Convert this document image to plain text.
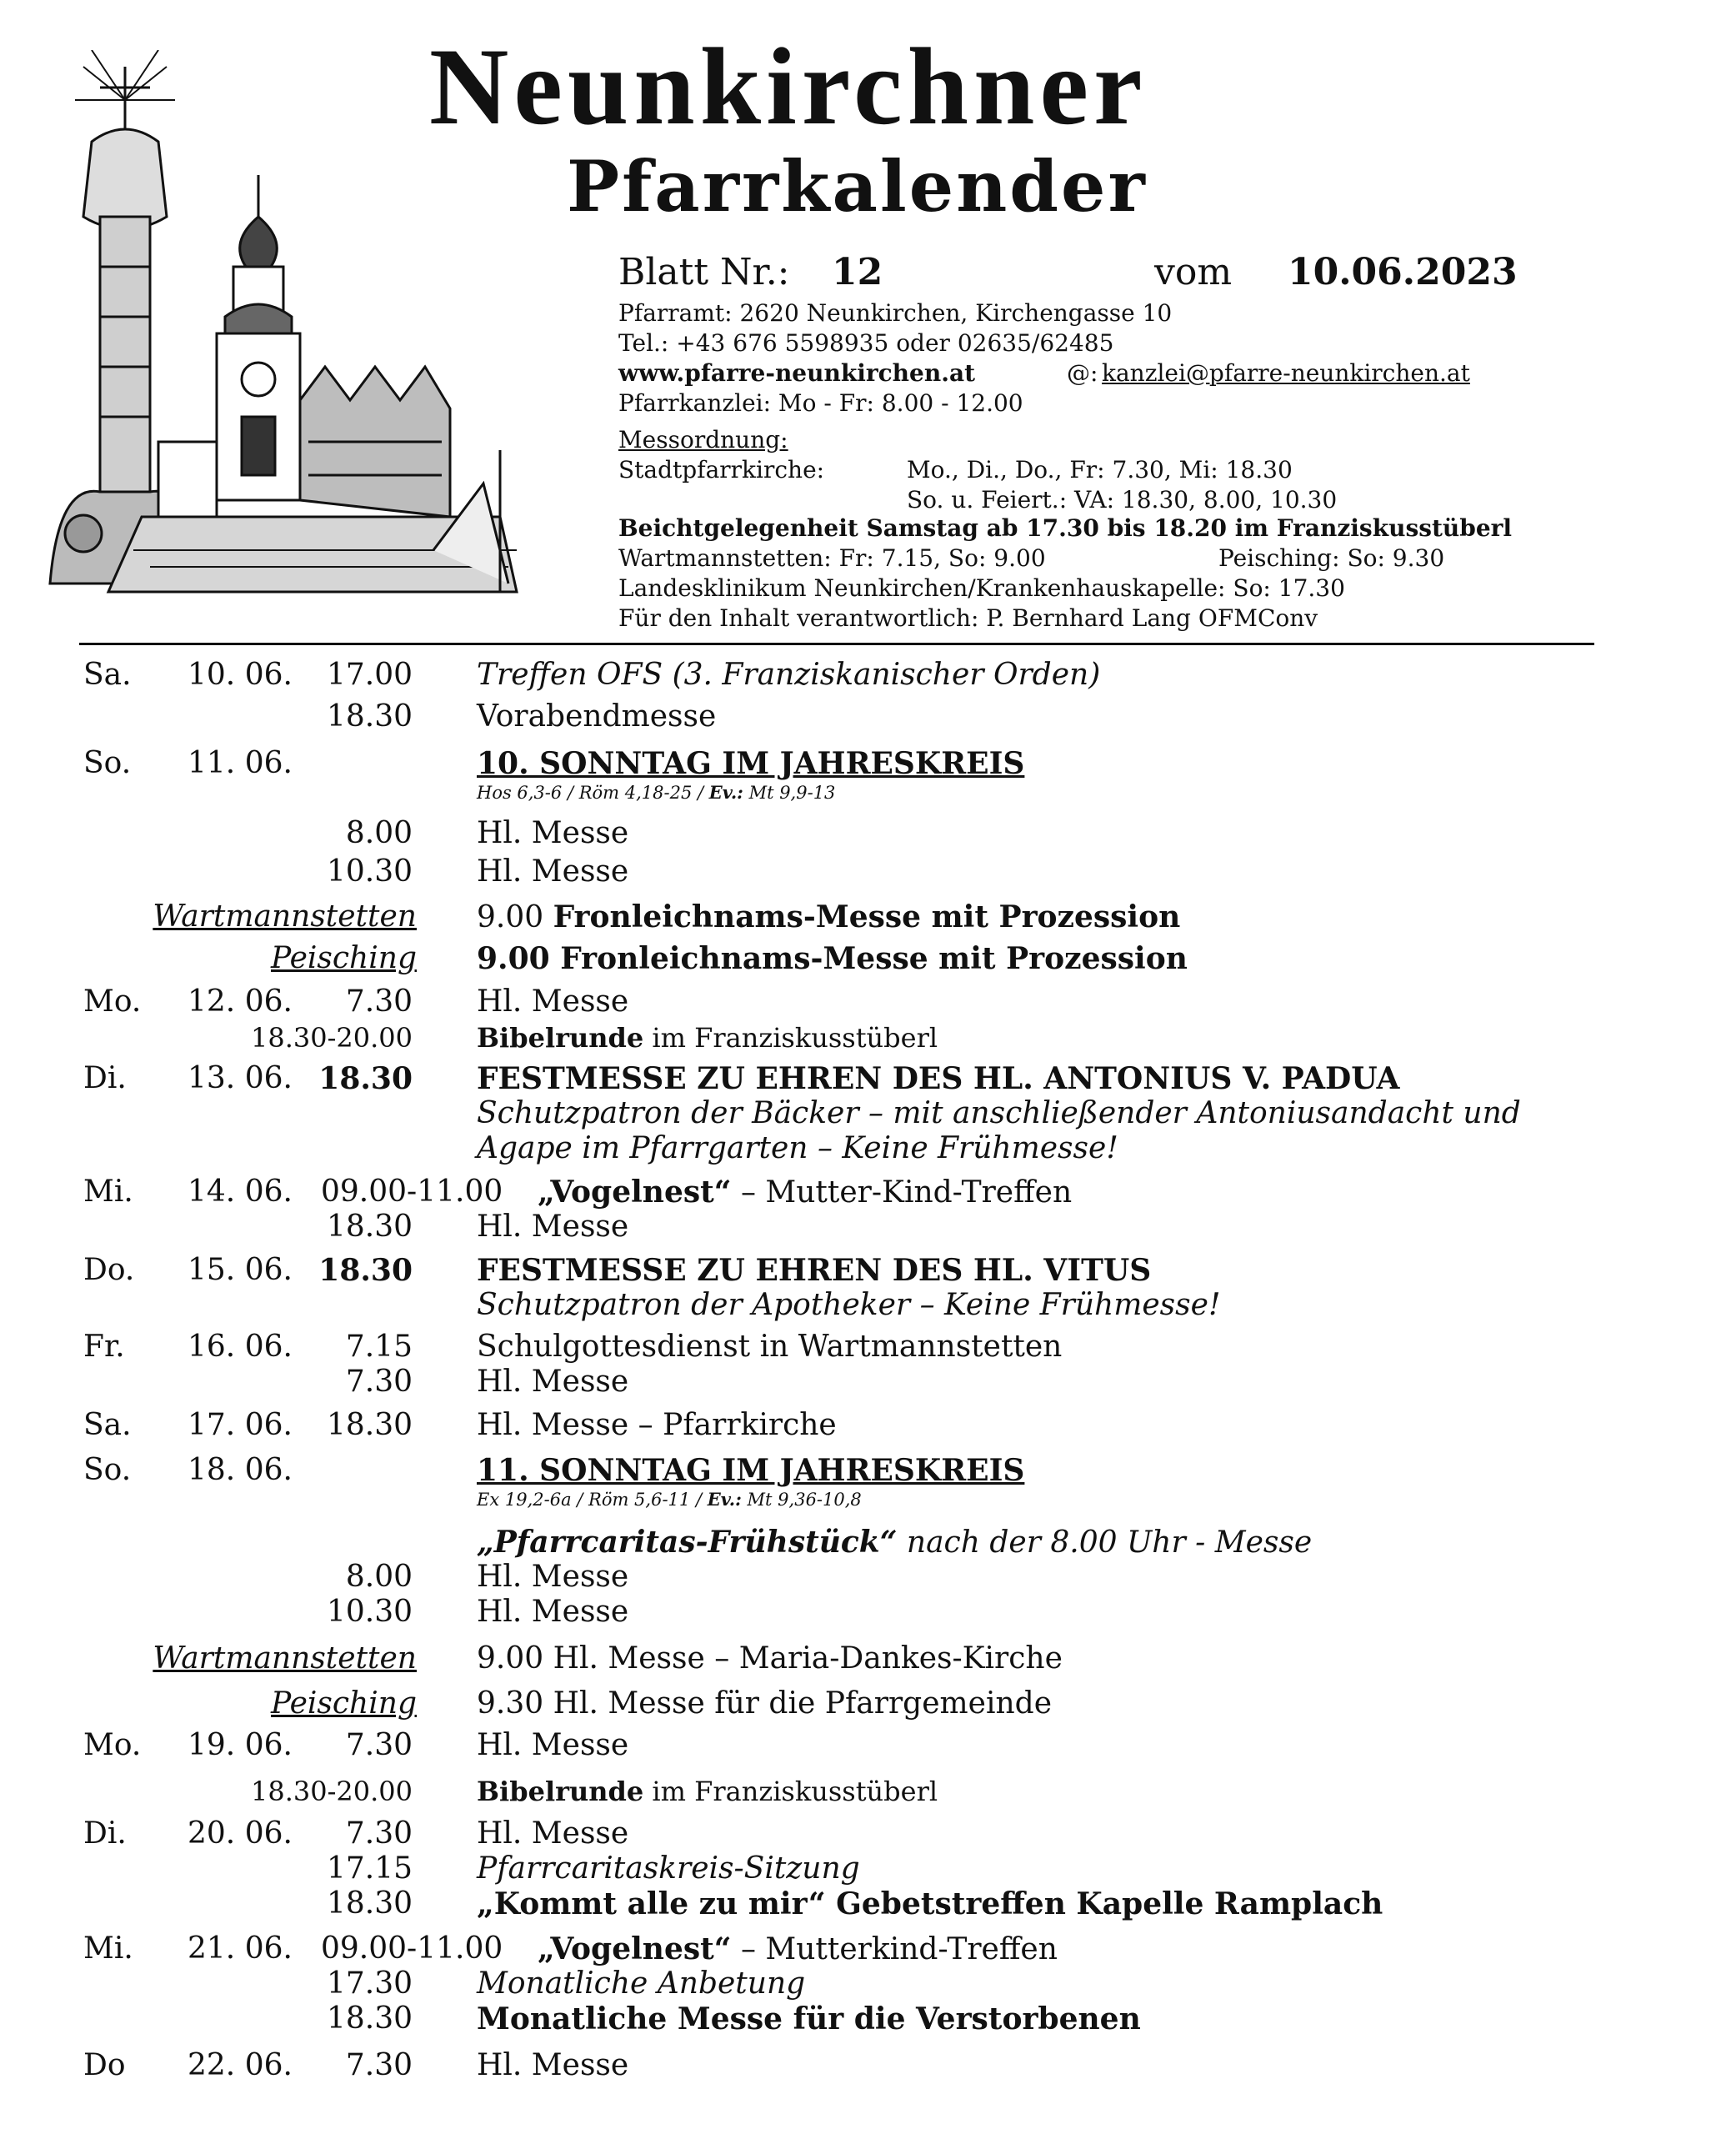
Neunkirchner
Pfarrkalender
Blatt Nr.: 12	vom 10.06.2023
Pfarramt: 2620 Neunkirchen, Kirchengasse 10
Tel.: +43 676 5598935 oder 02635/62485
www.pfarre-neunkirchen.at	@: kanzlei@pfarre-neunkirchen.at
Pfarrkanzlei: Mo - Fr: 8.00 - 12.00
Messordnung:
Stadtpfarrkirche:	Mo., Di., Do., Fr: 7.30, Mi: 18.30
So. u. Feiert.: VA: 18.30, 8.00, 10.30
Beichtgelegenheit Samstag ab 17.30 bis 18.20 im Franziskusstüberl
Wartmannstetten: Fr: 7.15, So: 9.00	Peisching: So: 9.30
Landesklinikum Neunkirchen/Krankenhauskapelle: So: 17.30
Für den Inhalt verantwortlich: P. Bernhard Lang OFMConv
Sa. 10. 06.	17.00 Treffen OFS (3. Franziskanischer Orden)
18.30 Vorabendmesse
So. 11. 06.	10. SONNTAG IM JAHRESKREIS
Hos 6,3-6 / Röm 4,18-25 / Ev.: Mt 9,9-13
8.00 Hl. Messe
10.30 Hl. Messe
Wartmannstetten 9.00 Fronleichnams-Messe mit Prozession
Peisching 9.00 Fronleichnams-Messe mit Prozession
Mo. 12. 06.	7.30 Hl. Messe
18.30-20.00 Bibelrunde im Franziskusstüberl
Di. 13. 06. 18.30 FESTMESSE ZU EHREN DES HL. ANTONIUS V. PADUA
Schutzpatron der Bäcker – mit anschließender Antoniusandacht und
Agape im Pfarrgarten – Keine Frühmesse!
Mi. 14. 06. 09.00-11.00 „Vogelnest“ – Mutter-Kind-Treffen
18.30 Hl. Messe
Do. 15. 06. 18.30 FESTMESSE ZU EHREN DES HL. VITUS
Schutzpatron der Apotheker – Keine Frühmesse!
Fr. 16. 06.	7.15 Schulgottesdienst in Wartmannstetten
7.30 Hl. Messe
Sa. 17. 06.	18.30 Hl. Messe – Pfarrkirche
So. 18. 06.	11. SONNTAG IM JAHRESKREIS
Ex 19,2-6a / Röm 5,6-11 / Ev.: Mt 9,36-10,8
„Pfarrcaritas-Frühstück“ nach der 8.00 Uhr - Messe
8.00 Hl. Messe
10.30 Hl. Messe
Wartmannstetten 9.00 Hl. Messe – Maria-Dankes-Kirche
Peisching 9.30 Hl. Messe für die Pfarrgemeinde
Mo. 19. 06.	7.30 Hl. Messe
18.30-20.00 Bibelrunde im Franziskusstüberl
Di. 20. 06.	7.30 Hl. Messe
17.15 Pfarrcaritaskreis-Sitzung
18.30 „Kommt alle zu mir“ Gebetstreffen Kapelle Ramplach
Mi. 21. 06. 09.00-11.00 „Vogelnest“ – Mutterkind-Treffen
17.30 Monatliche Anbetung
18.30 Monatliche Messe für die Verstorbenen
Do 22. 06.	7.30 Hl. Messe
